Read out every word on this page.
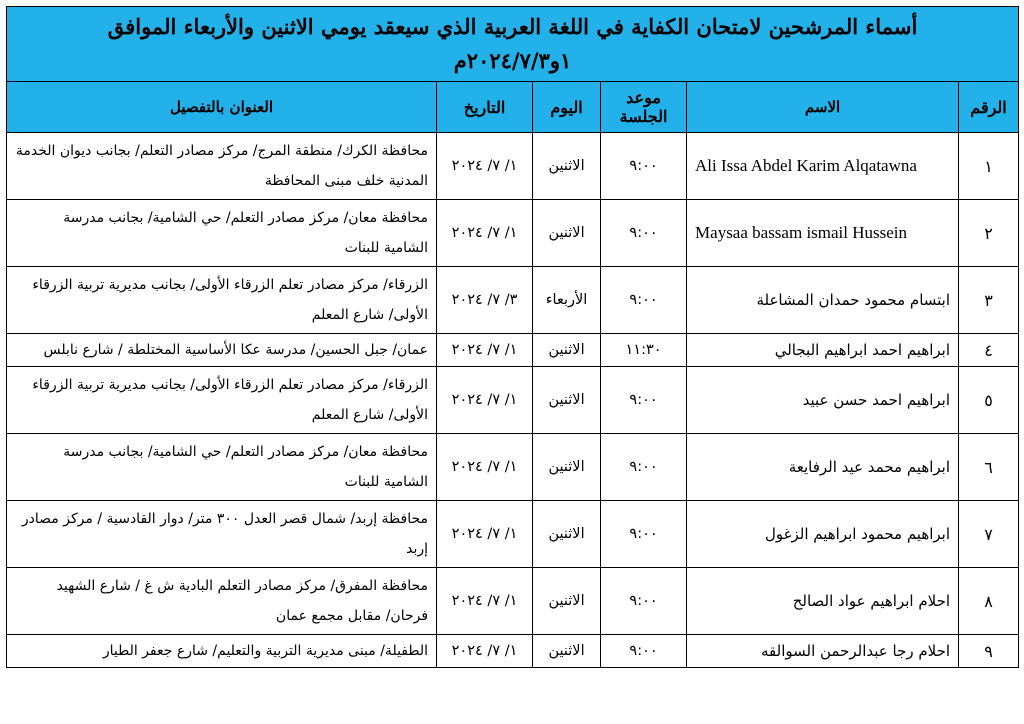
أسماء المرشحين لامتحان الكفاية في اللغة العربية الذي سيعقد يومي الاثنين والأربعاء الموافق
١و٢٠٢٤/٧/٣م					

الرقم	الاسم	موعد الجلسة	اليوم	التاريخ	العنوان بالتفصيل
١	Ali Issa Abdel Karim Alqatawna	٩:٠٠	الاثنين	١/ ٧/ ٢٠٢٤	محافظة الكرك/ منطقة المرج/ مركز مصادر التعلم/ بجانب ديوان الخدمة المدنية خلف مبنى المحافظة
٢	Maysaa bassam ismail Hussein	٩:٠٠	الاثنين	١/ ٧/ ٢٠٢٤	محافظة معان/ مركز مصادر التعلم/ حي الشامية/ بجانب مدرسة الشامية للبنات
٣	ابتسام محمود حمدان المشاعلة	٩:٠٠	الأربعاء	٣/ ٧/ ٢٠٢٤	الزرقاء/ مركز مصادر تعلم الزرقاء الأولى/ بجانب مديرية تربية الزرقاء الأولى/ شارع المعلم
٤	ابراهيم احمد ابراهيم البجالي	١١:٣٠	الاثنين	١/ ٧/ ٢٠٢٤	عمان/ جبل الحسين/ مدرسة عكا الأساسية المختلطة / شارع نابلس
٥	ابراهيم احمد حسن عبيد	٩:٠٠	الاثنين	١/ ٧/ ٢٠٢٤	الزرقاء/ مركز مصادر تعلم الزرقاء الأولى/ بجانب مديرية تربية الزرقاء الأولى/ شارع المعلم
٦	ابراهيم محمد عيد الرفايعة	٩:٠٠	الاثنين	١/ ٧/ ٢٠٢٤	محافظة معان/ مركز مصادر التعلم/ حي الشامية/ بجانب مدرسة الشامية للبنات
٧	ابراهيم محمود ابراهيم الزغول	٩:٠٠	الاثنين	١/ ٧/ ٢٠٢٤	محافظة إربد/ شمال قصر العدل ٣٠٠ متر/ دوار القادسية / مركز مصادر إربد
٨	احلام ابراهيم عواد الصالح	٩:٠٠	الاثنين	١/ ٧/ ٢٠٢٤	محافظة المفرق/ مركز مصادر التعلم البادية ش غ / شارع الشهيد فرحان/ مقابل مجمع عمان
٩	احلام رجا عبدالرحمن السوالقه	٩:٠٠	الاثنين	١/ ٧/ ٢٠٢٤	الطفيلة/ مبنى مديرية التربية والتعليم/ شارع جعفر الطيار
